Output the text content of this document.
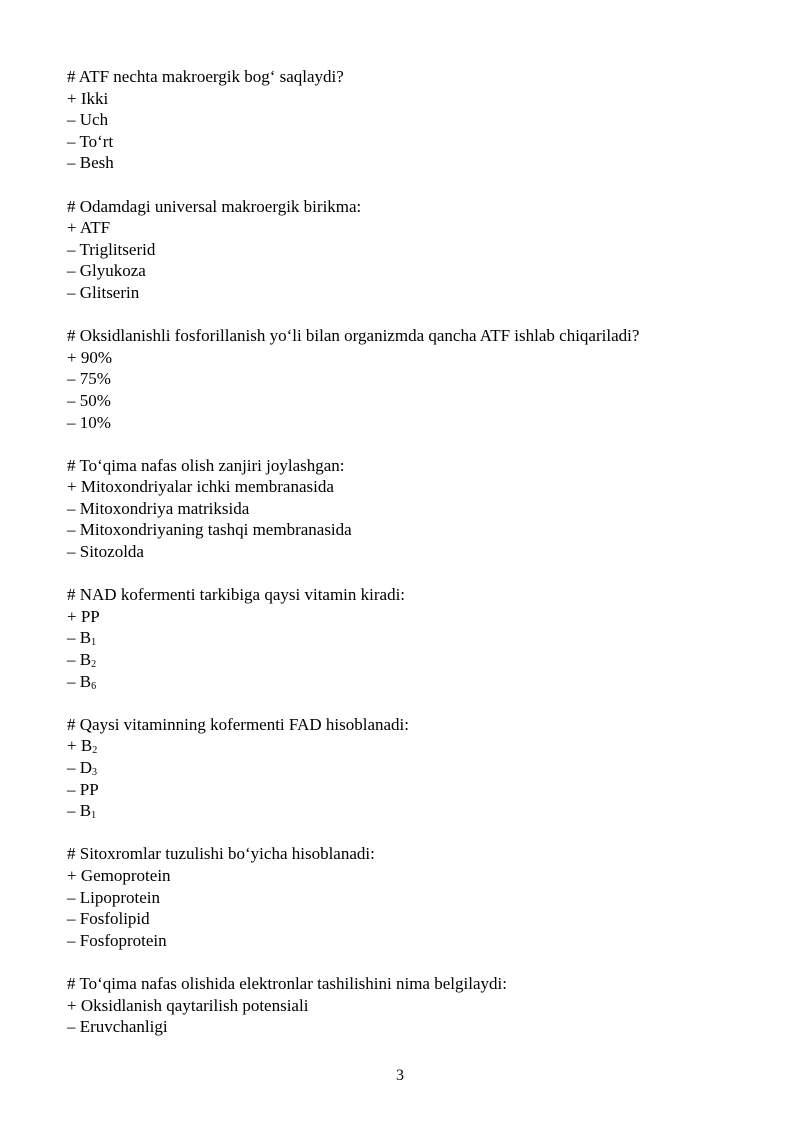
# ATF nechta makroergik bog‘ saqlaydi?
+ Ikki
– Uch
– To‘rt
– Besh
# Odamdagi universal makroergik birikma:
+ ATF
– Triglitserid
– Glyukoza
– Glitserin
# Oksidlanishli fosforillanish yo‘li bilan organizmda qancha ATF ishlab chiqariladi?
+ 90%
– 75%
– 50%
– 10%
# To‘qima nafas olish zanjiri joylashgan:
+ Mitoxondriyalar ichki membranasida
– Mitoxondriya matriksida
– Mitoxondriyaning tashqi membranasida
– Sitozolda
# NAD kofermenti tarkibiga qaysi vitamin kiradi:
+ PP
– $B_1$
– $B_2$
– $B_6$
# Qaysi vitaminning kofermenti FAD hisoblanadi:
+ $B_2$
– $D_3$
– PP
– $B_1$
# Sitoxromlar tuzulishi bo‘yicha hisoblanadi:
+ Gemoprotein
– Lipoprotein
– Fosfolipid
– Fosfoprotein
# To‘qima nafas olishida elektronlar tashilishini nima belgilaydi:
+ Oksidlanish qaytarilish potensiali
– Eruvchanligi
3
